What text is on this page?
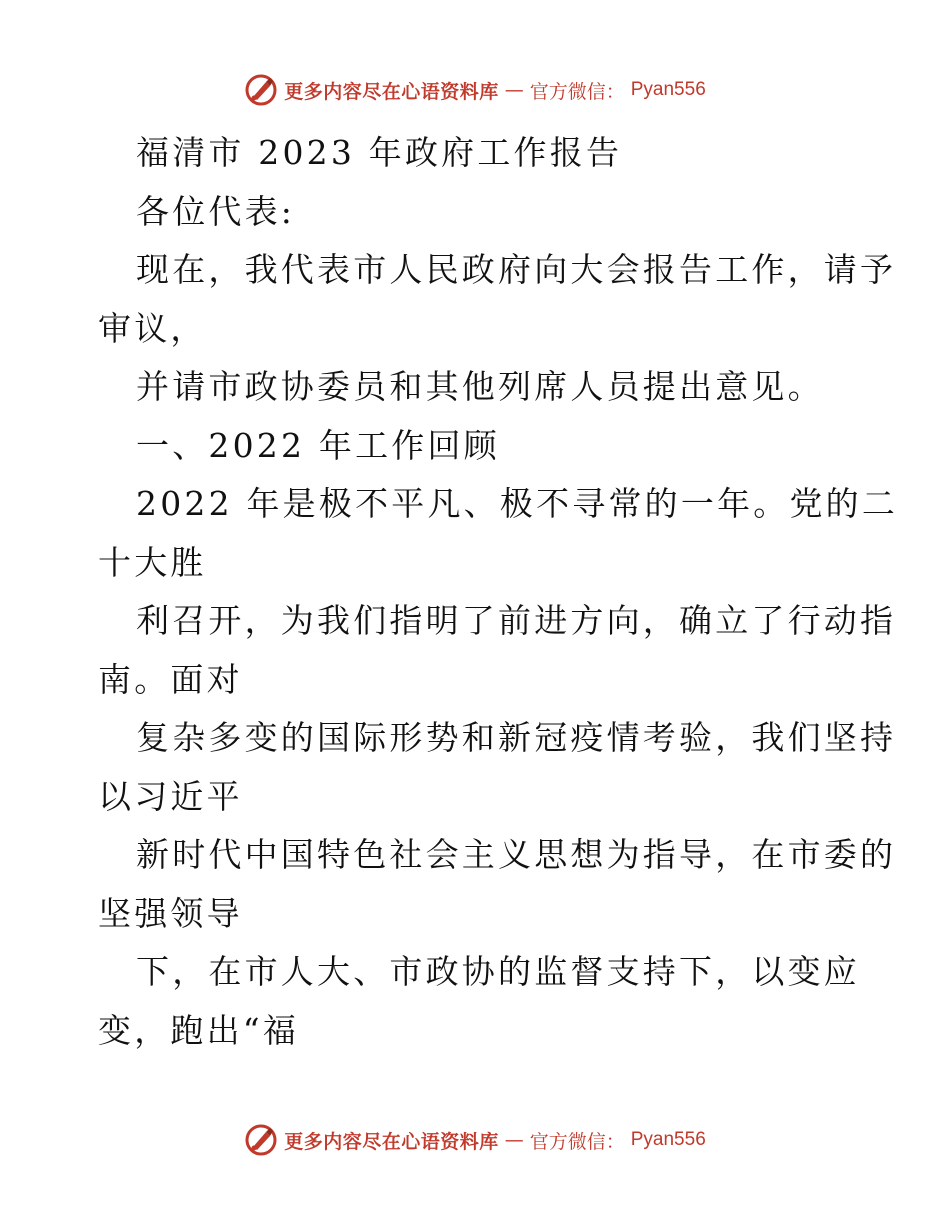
更多内容尽在心语资料库 — 官方微信： Pyan556
福清市 2023 年政府工作报告
各位代表:
现在，我代表市人民政府向大会报告工作，请予
审议，
并请市政协委员和其他列席人员提出意见。
一、2022 年工作回顾
2022 年是极不平凡、极不寻常的一年。党的二
十大胜
利召开，为我们指明了前进方向，确立了行动指
南。面对
复杂多变的国际形势和新冠疫情考验，我们坚持
以习近平
新时代中国特色社会主义思想为指导，在市委的
坚强领导
下，在市人大、市政协的监督支持下，以变应
变，跑出“福
更多内容尽在心语资料库 — 官方微信： Pyan556
